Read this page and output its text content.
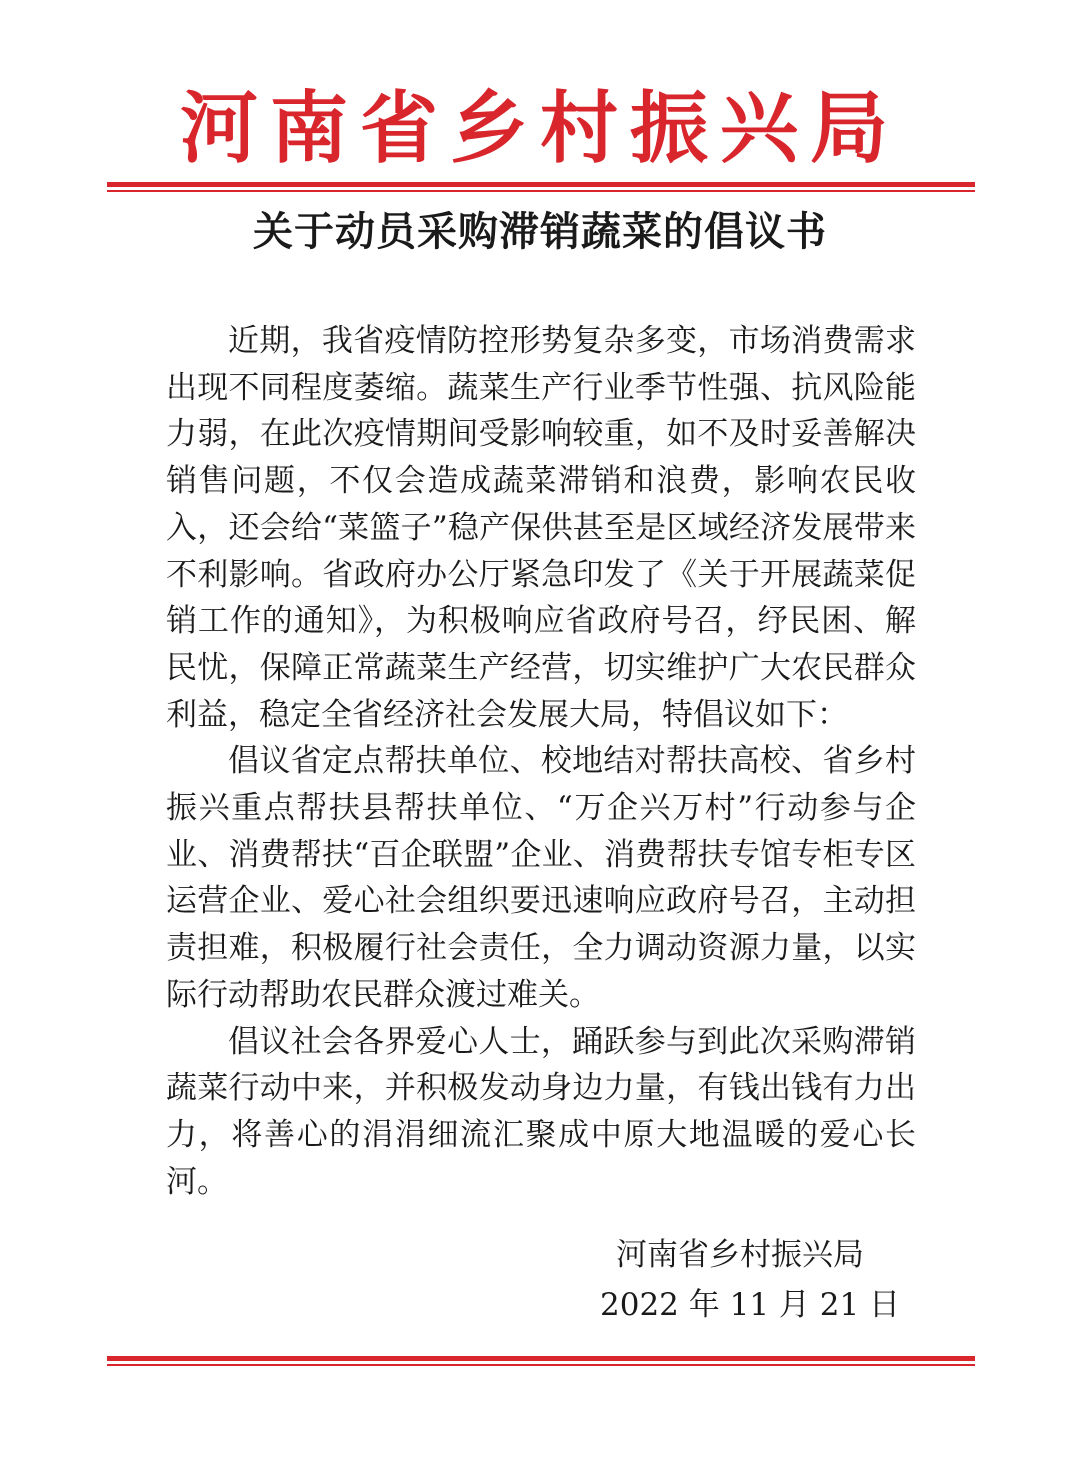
河南省乡村振兴局
关于动员采购滞销蔬菜的倡议书

近期，我省疫情防控形势复杂多变，市场消费需求出现不同程度萎缩。蔬菜生产行业季节性强、抗风险能力弱，在此次疫情期间受影响较重，如不及时妥善解决销售问题，不仅会造成蔬菜滞销和浪费，影响农民收入，还会给“菜篮子”稳产保供甚至是区域经济发展带来不利影响。省政府办公厅紧急印发了《关于开展蔬菜促销工作的通知》，为积极响应省政府号召，纾民困、解民忧，保障正常蔬菜生产经营，切实维护广大农民群众利益，稳定全省经济社会发展大局，特倡议如下：

倡议省定点帮扶单位、校地结对帮扶高校、省乡村振兴重点帮扶县帮扶单位、“万企兴万村”行动参与企业、消费帮扶“百企联盟”企业、消费帮扶专馆专柜专区运营企业、爱心社会组织要迅速响应政府号召，主动担责担难，积极履行社会责任，全力调动资源力量，以实际行动帮助农民群众渡过难关。

倡议社会各界爱心人士，踊跃参与到此次采购滞销蔬菜行动中来，并积极发动身边力量，有钱出钱有力出力，将善心的涓涓细流汇聚成中原大地温暖的爱心长河。

河南省乡村振兴局
2022 年 11 月 21 日
